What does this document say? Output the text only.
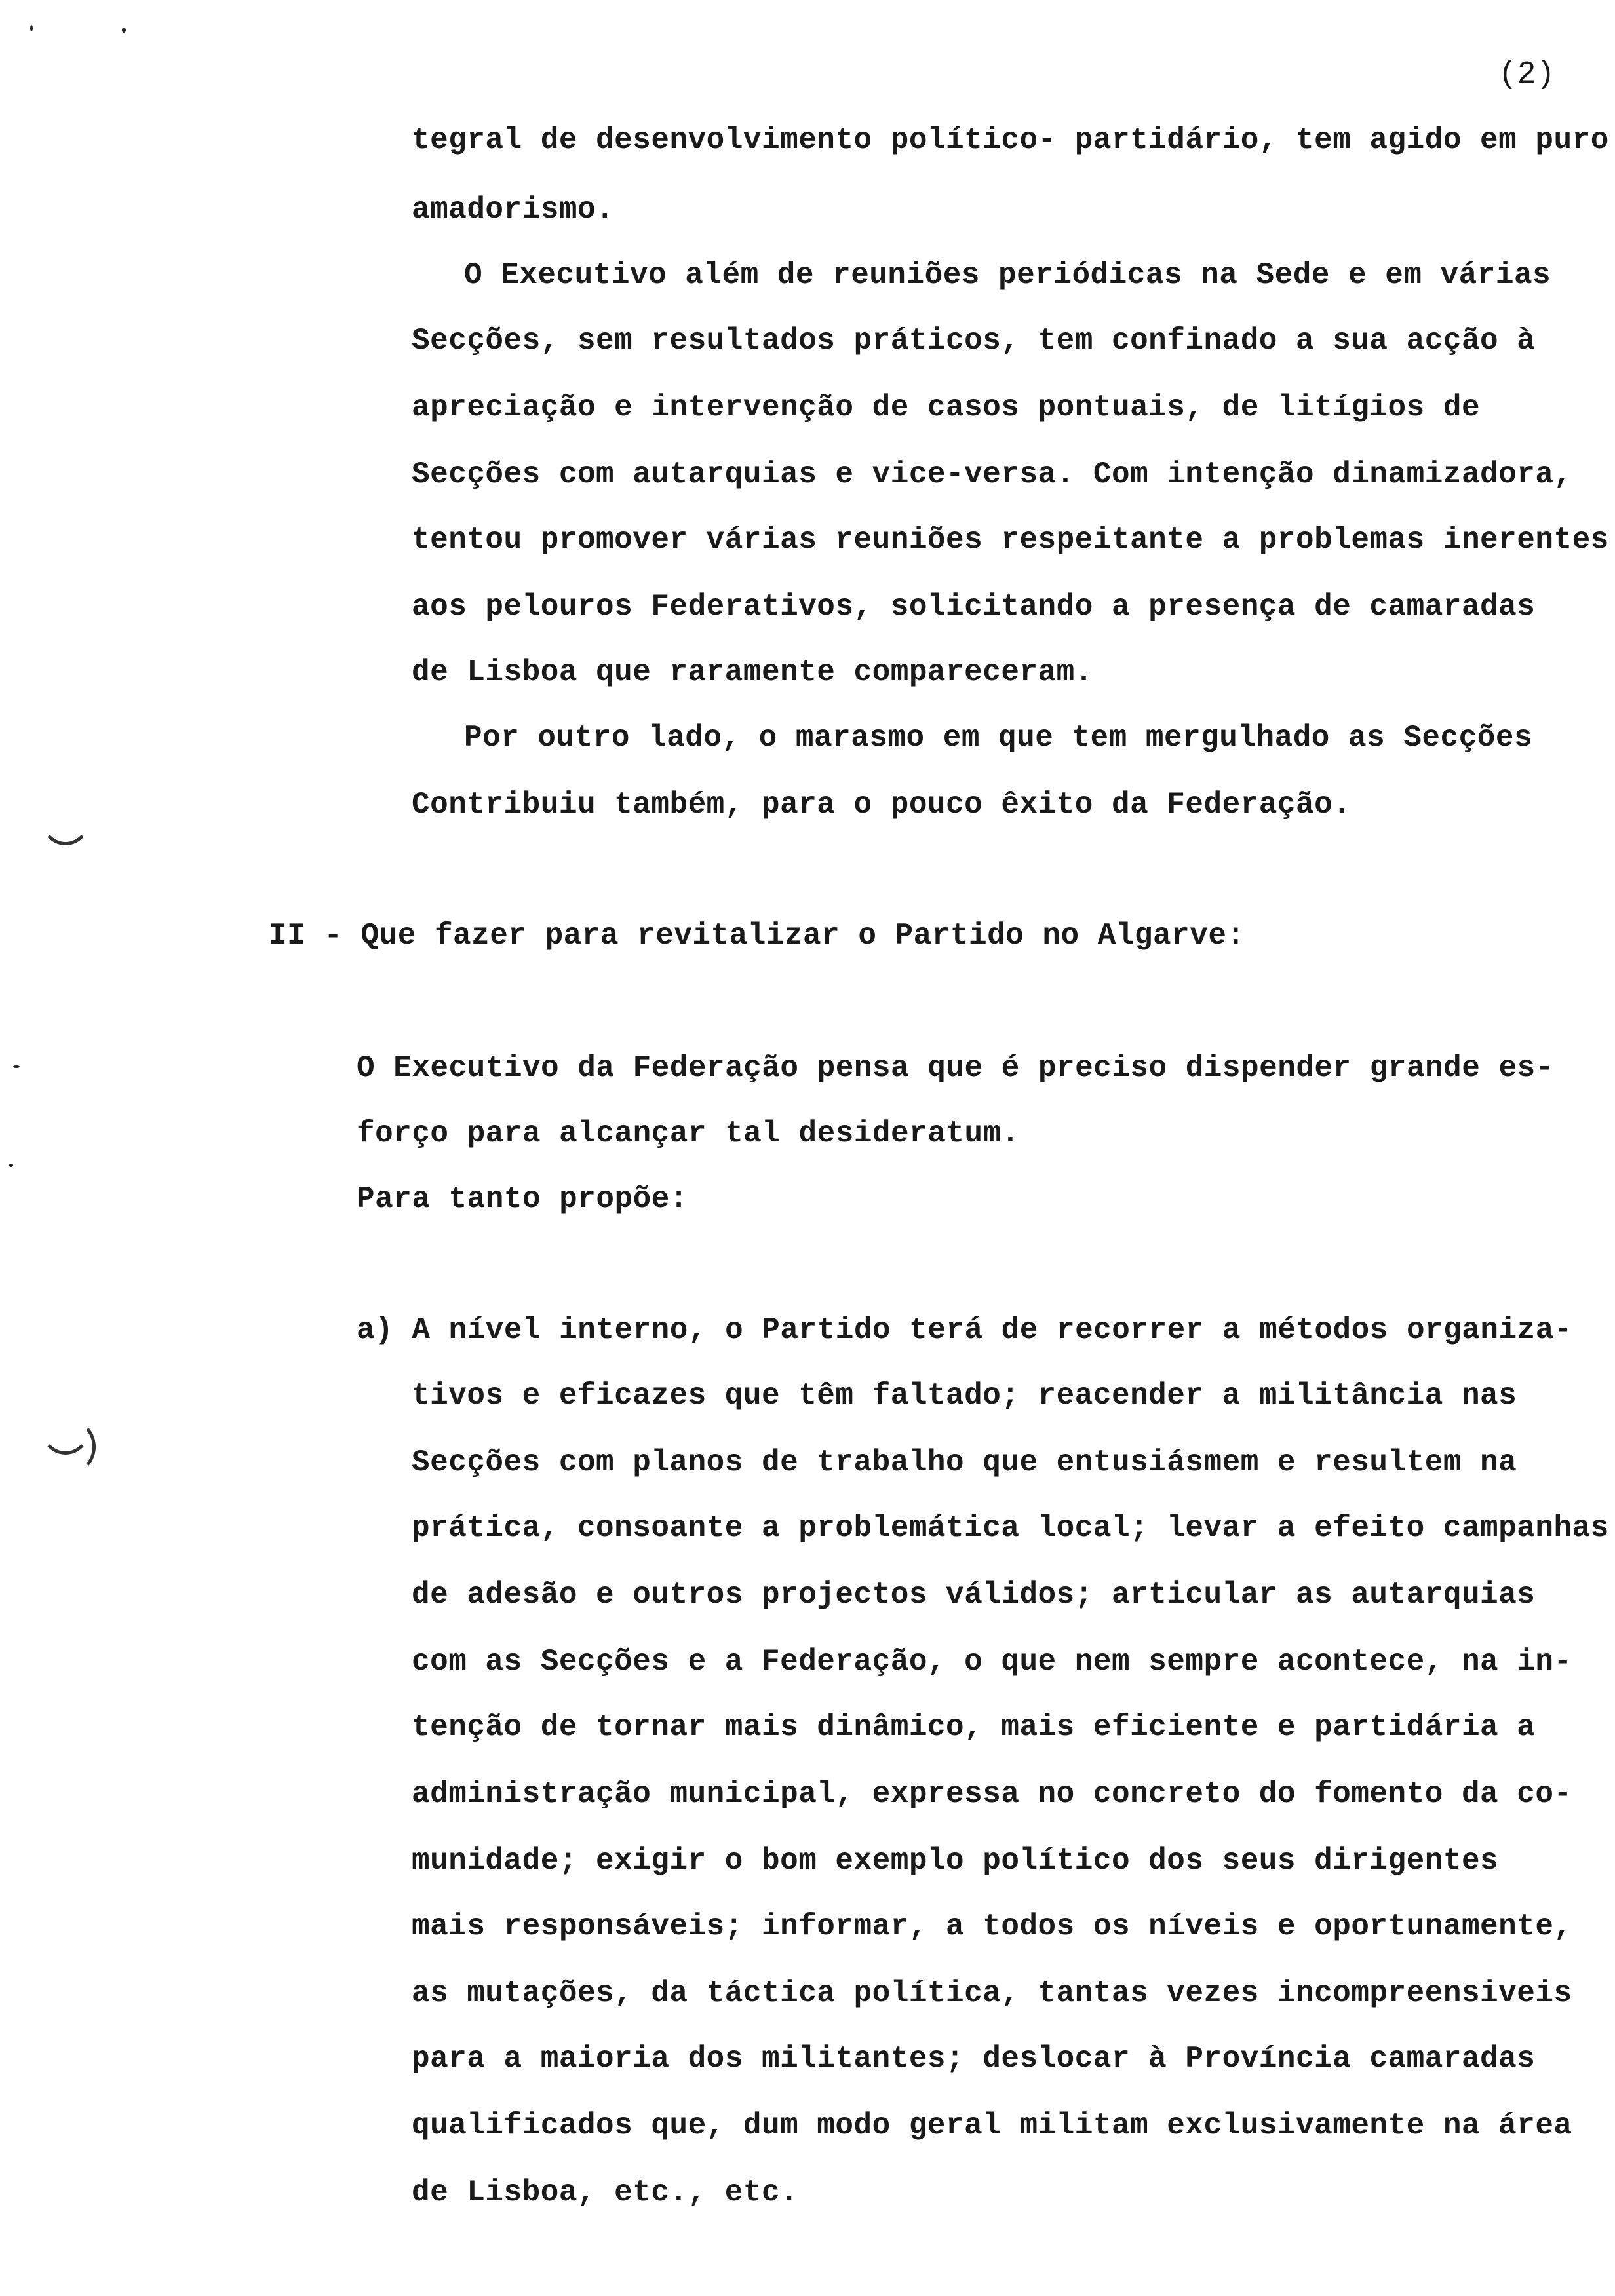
(2)
tegral de desenvolvimento político- partidário, tem agido em puro
amadorismo.
O Executivo além de reuniões periódicas na Sede e em várias
Secções, sem resultados práticos, tem confinado a sua acção à
apreciação e intervenção de casos pontuais, de litígios de
Secções com autarquias e vice-versa. Com intenção dinamizadora,
tentou promover várias reuniões respeitante a problemas inerentes
aos pelouros Federativos, solicitando a presença de camaradas
de Lisboa que raramente compareceram.
Por outro lado, o marasmo em que tem mergulhado as Secções
Contribuiu também, para o pouco êxito da Federação.
II - Que fazer para revitalizar o Partido no Algarve:
O Executivo da Federação pensa que é preciso dispender grande es-
forço para alcançar tal desideratum.
Para tanto propõe:
a) A nível interno, o Partido terá de recorrer a métodos organiza-
tivos e eficazes que têm faltado; reacender a militância nas
Secções com planos de trabalho que entusiásmem e resultem na
prática, consoante a problemática local; levar a efeito campanhas
de adesão e outros projectos válidos; articular as autarquias
com as Secções e a Federação, o que nem sempre acontece, na in-
tenção de tornar mais dinâmico, mais eficiente e partidária a
administração municipal, expressa no concreto do fomento da co-
munidade; exigir o bom exemplo político dos seus dirigentes
mais responsáveis; informar, a todos os níveis e oportunamente,
as mutações, da táctica política, tantas vezes incompreensiveis
para a maioria dos militantes; deslocar à Província camaradas
qualificados que, dum modo geral militam exclusivamente na área
de Lisboa, etc., etc.
